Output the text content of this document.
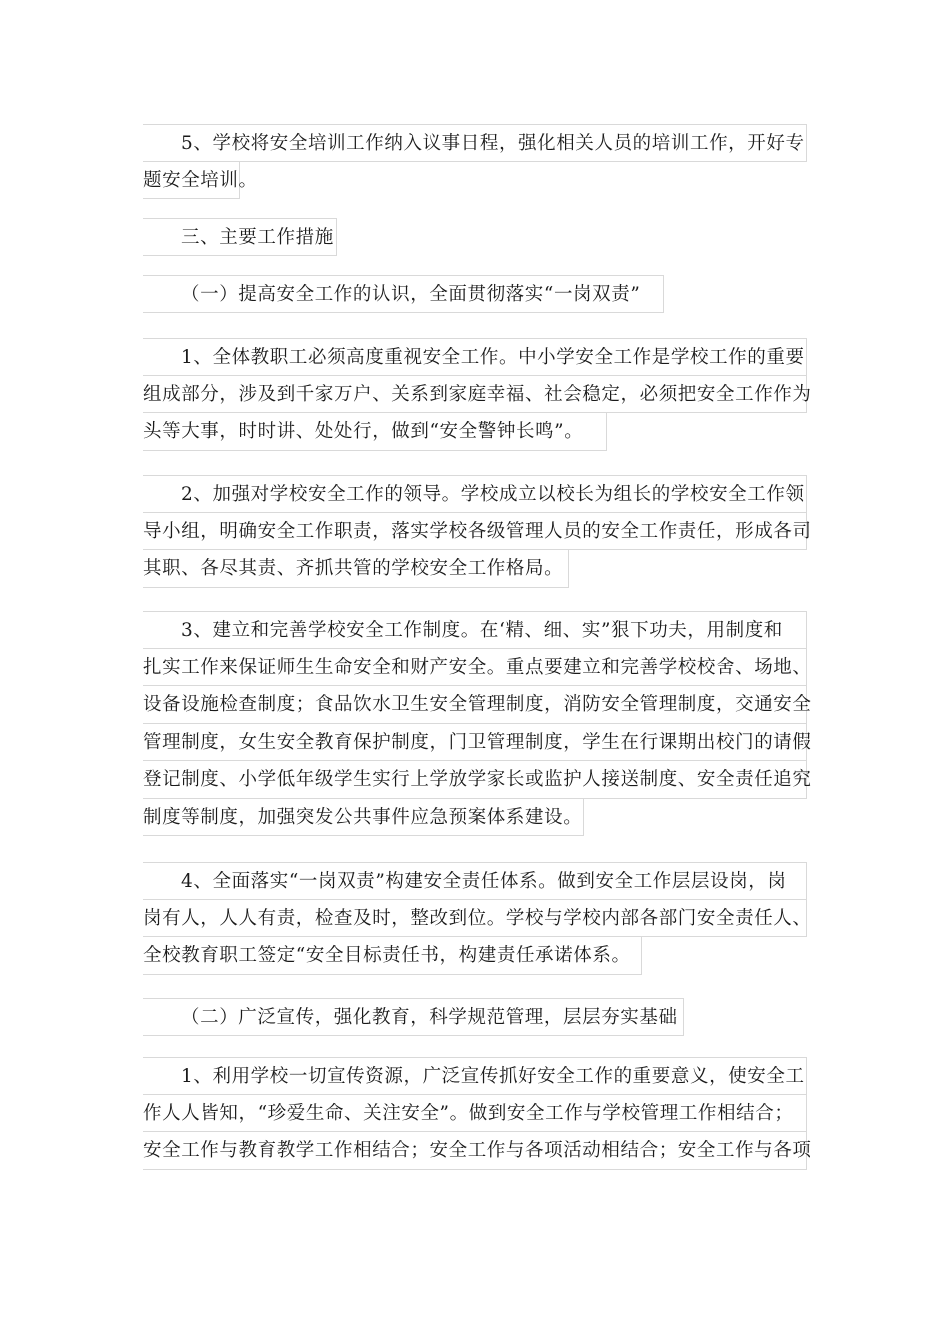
5、学校将安全培训工作纳入议事日程，强化相关人员的培训工作，开好专
题安全培训。
三、主要工作措施
（一）提高安全工作的认识，全面贯彻落实“一岗双责”
1、全体教职工必须高度重视安全工作。中小学安全工作是学校工作的重要
组成部分，涉及到千家万户、关系到家庭幸福、社会稳定，必须把安全工作作为
头等大事，时时讲、处处行，做到“安全警钟长鸣”。
2、加强对学校安全工作的领导。学校成立以校长为组长的学校安全工作领
导小组，明确安全工作职责，落实学校各级管理人员的安全工作责任，形成各司
其职、各尽其责、齐抓共管的学校安全工作格局。
3、建立和完善学校安全工作制度。在‘精、细、实”狠下功夫，用制度和
扎实工作来保证师生生命安全和财产安全。重点要建立和完善学校校舍、场地、
设备设施检查制度；食品饮水卫生安全管理制度，消防安全管理制度，交通安全
管理制度，女生安全教育保护制度，门卫管理制度，学生在行课期出校门的请假
登记制度、小学低年级学生实行上学放学家长或监护人接送制度、安全责任追究
制度等制度，加强突发公共事件应急预案体系建设。
4、全面落实“一岗双责”构建安全责任体系。做到安全工作层层设岗，岗
岗有人，人人有责，检查及时，整改到位。学校与学校内部各部门安全责任人、
全校教育职工签定“安全目标责任书，构建责任承诺体系。
（二）广泛宣传，强化教育，科学规范管理，层层夯实基础
1、利用学校一切宣传资源，广泛宣传抓好安全工作的重要意义，使安全工
作人人皆知，“珍爱生命、关注安全”。做到安全工作与学校管理工作相结合；
安全工作与教育教学工作相结合；安全工作与各项活动相结合；安全工作与各项
